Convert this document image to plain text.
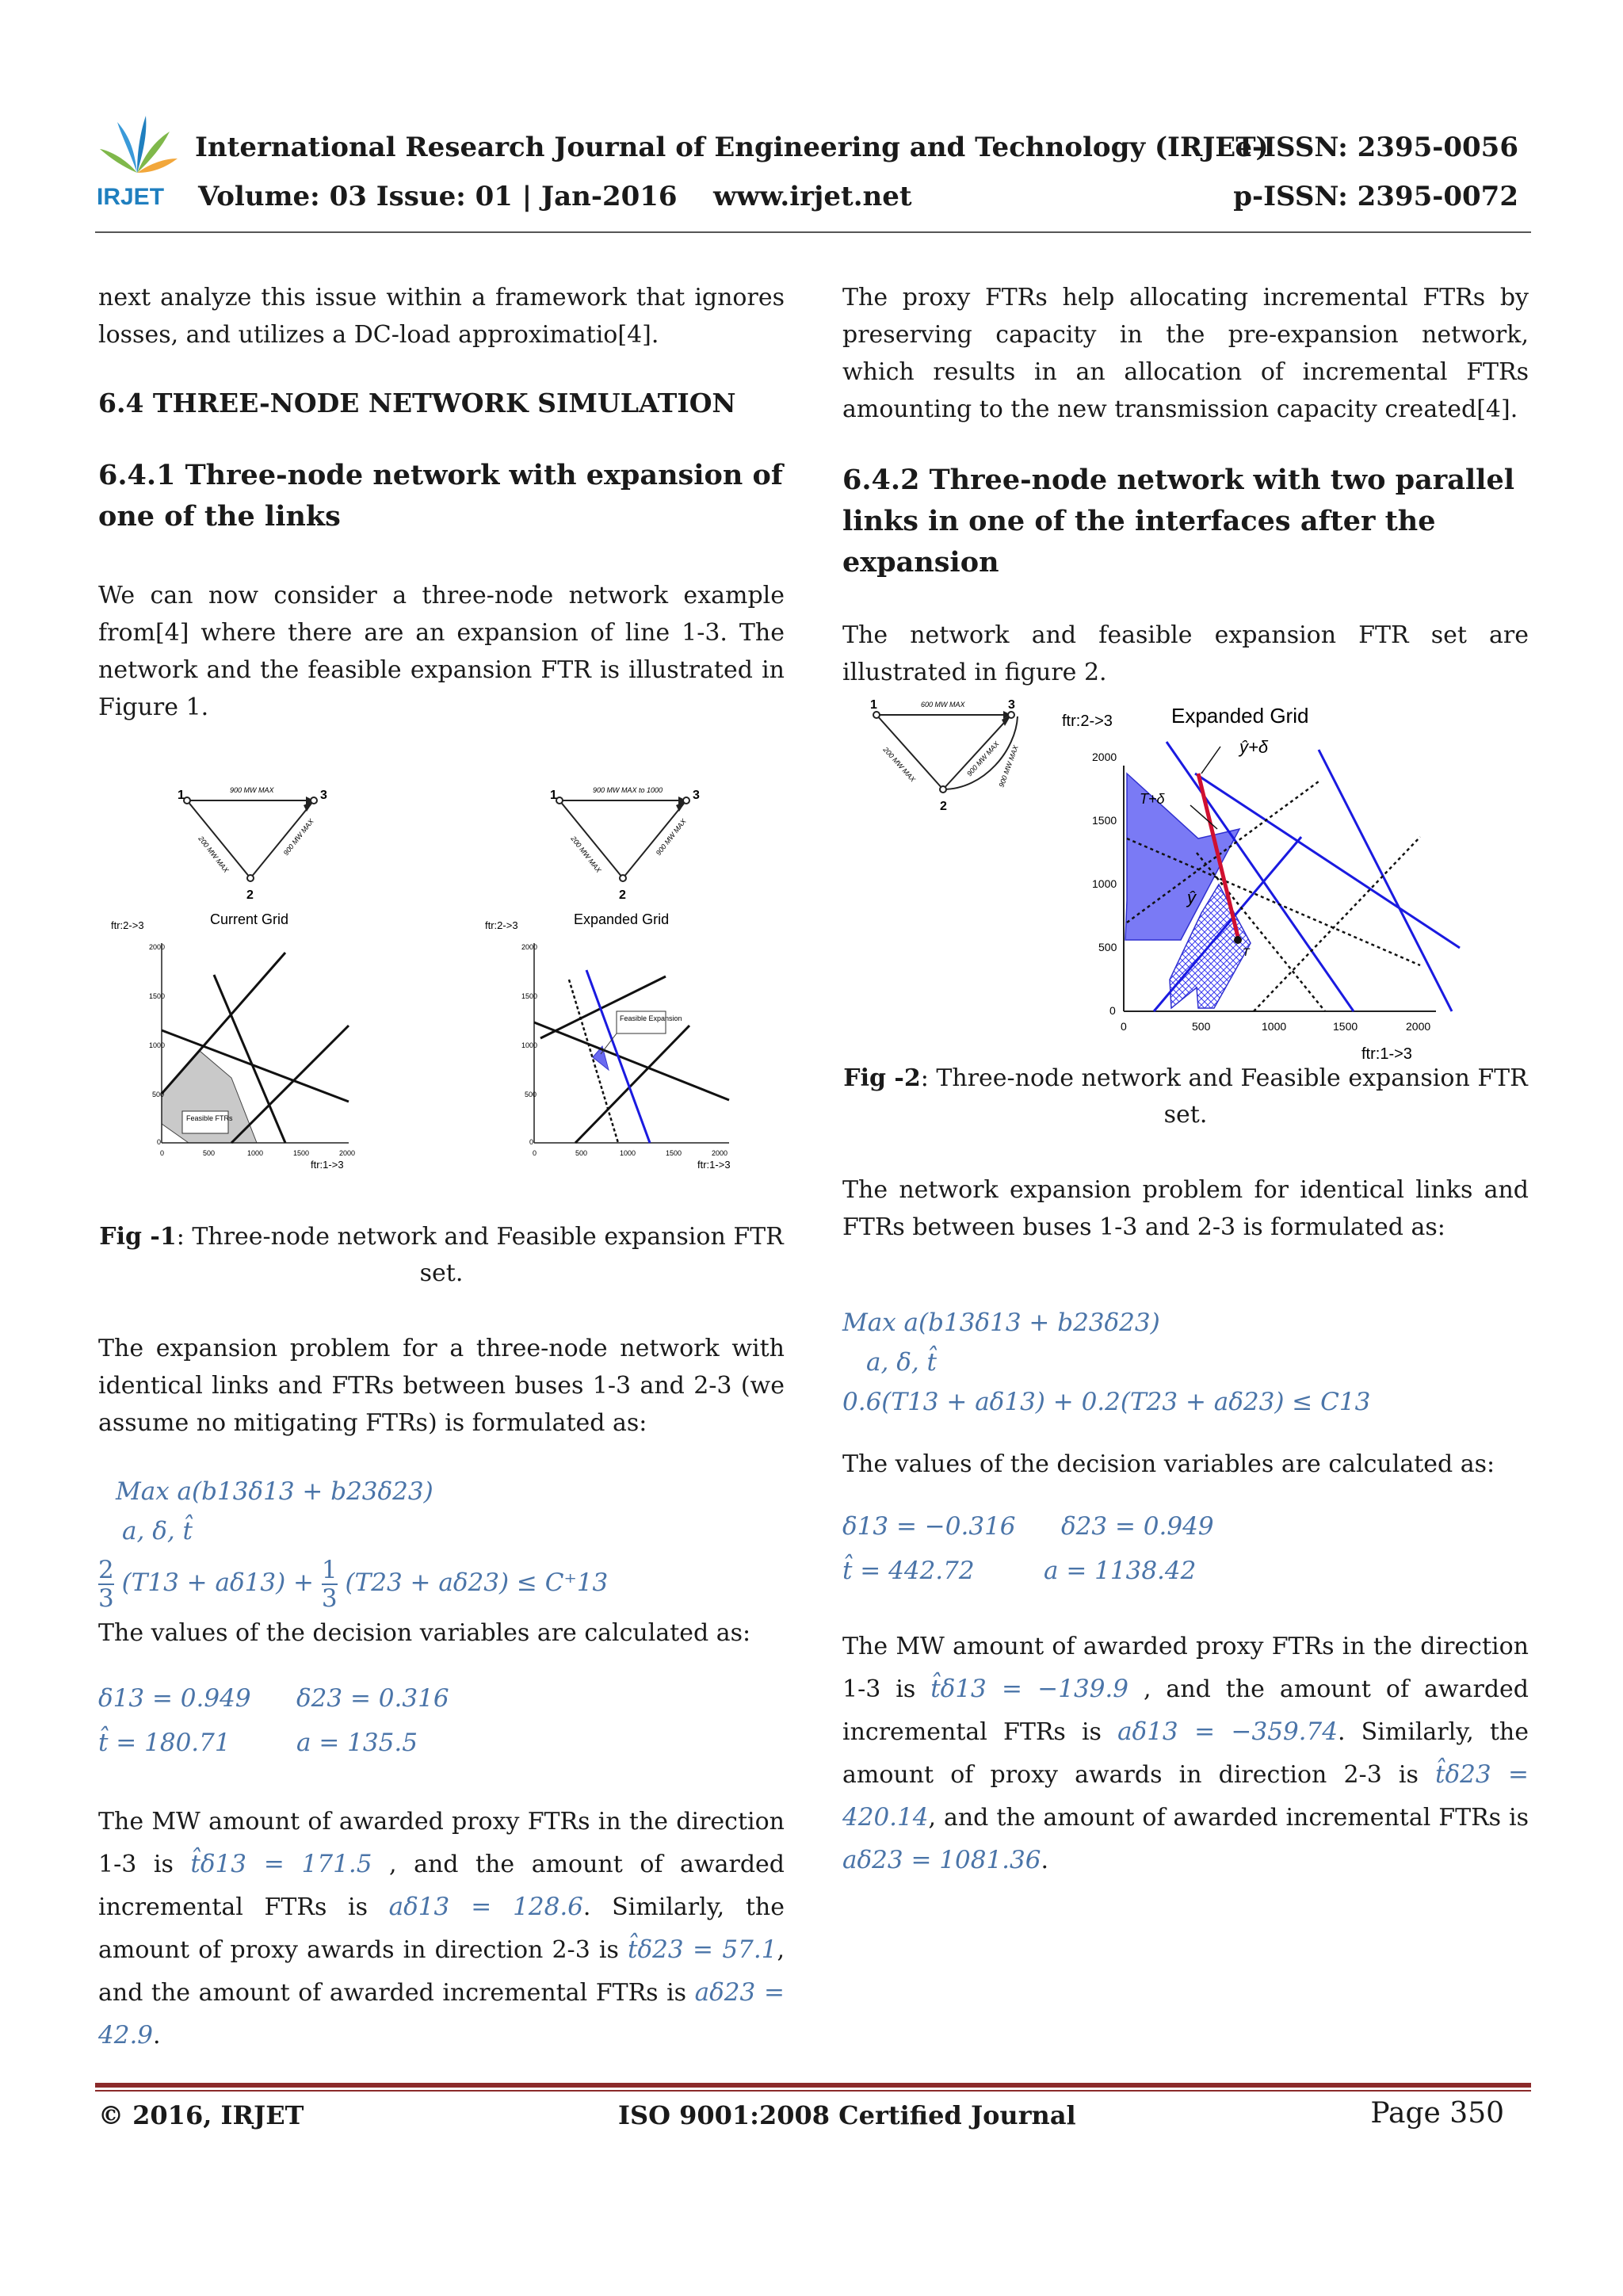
IRJET
International Research Journal of Engineering and Technology (IRJET)
e-ISSN: 2395-0056
Volume: 03 Issue: 01 | Jan-2016 www.irjet.net	p-ISSN: 2395-0072
next analyze this issue within a framework that ignores losses, and utilizes a DC-load approximatio[4].
6.4 THREE-NODE NETWORK SIMULATION
6.4.1 Three-node network with expansion of one of the links
We can now consider a three-node network example from[4] where there are an expansion of line 1-3. The network and the feasible expansion FTR is illustrated in Figure 1.
1	3
2
900 MW MAX
200 MW MAX	900 MW MAX
Current Grid
ftr:2->3
ftr:1->3
Feasible FTRs
2000
1500
1000
500
0
0	500	1000	1500	2000
1	3
2
900 MW MAX to 1000
200 MW MAX	900 MW MAX
Expanded Grid
ftr:2->3
ftr:1->3
Feasible Expansion
2000
1500
1000
500
0
0	500	1000	1500	2000
Fig -1: Three-node network and Feasible expansion FTR set.
The expansion problem for a three-node network with identical links and FTRs between buses 1-3 and 2-3 (we assume no mitigating FTRs) is formulated as:
Max a(b13δ13 + b23δ23)
a, δ, t̂
$\frac{2}{3} (T13 + a\delta 13) + \frac{1}{3} (T23 + a\delta 23) \le C^+13$
The values of the decision variables are calculated as:
δ13 = 0.949 δ23 = 0.316
t̂ = 180.71	a = 135.5
The MW amount of awarded proxy FTRs in the direction 1-3 is t̂δ13 = 171.5 , and the amount of awarded incremental FTRs is aδ13 = 128.6. Similarly, the amount of proxy awards in direction 2-3 is t̂δ23 = 57.1, and the amount of awarded incremental FTRs is aδ23 = 42.9.
The proxy FTRs help allocating incremental FTRs by preserving capacity in the pre-expansion network, which results in an allocation of incremental FTRs amounting to the new transmission capacity created[4].
6.4.2 Three-node network with two parallel links in one of the interfaces after the expansion
The network and feasible expansion FTR set are illustrated in figure 2.
1	3
2
600 MW MAX
200 MW MAX	900 MW MAX
900 MW MAX
ftr:2->3	Expanded Grid
ftr:1->3
ŷ+δ
T+δ
ŷ
T
2000
1500
1000
500
0
0	500	1000	1500	2000
Fig -2: Three-node network and Feasible expansion FTR set.
The network expansion problem for identical links and FTRs between buses 1-3 and 2-3 is formulated as:
Max a(b13δ13 + b23δ23)
a, δ, t̂
0.6(T13 + aδ13) + 0.2(T23 + aδ23) ≤ C13
The values of the decision variables are calculated as:
δ13 = −0.316 δ23 = 0.949
t̂ = 442.72	a = 1138.42
The MW amount of awarded proxy FTRs in the direction 1-3 is t̂δ13 = −139.9 , and the amount of awarded incremental FTRs is aδ13 = −359.74. Similarly, the amount of proxy awards in direction 2-3 is t̂δ23 = 420.14, and the amount of awarded incremental FTRs is aδ23 = 1081.36.
© 2016, IRJET	ISO 9001:2008 Certified Journal	Page 350
